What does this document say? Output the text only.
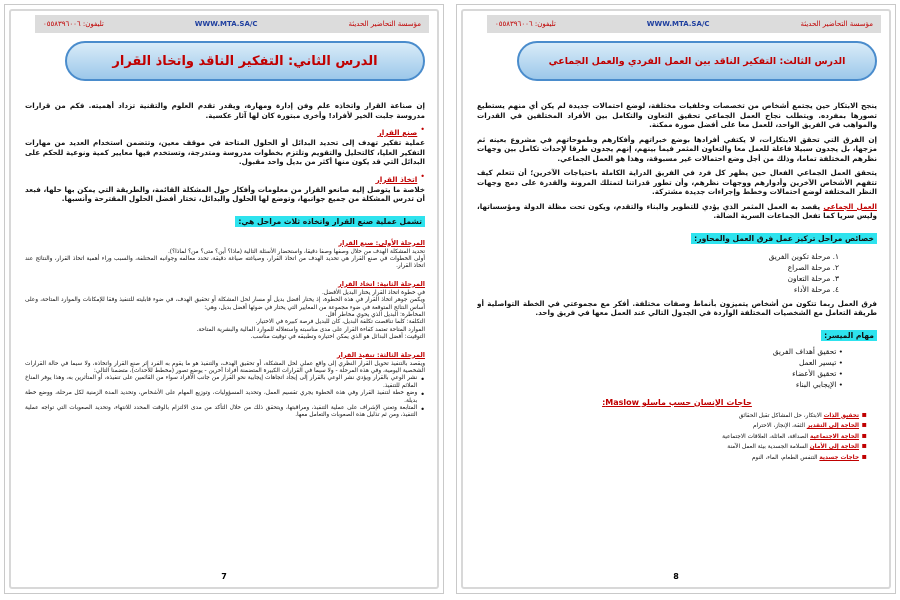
تليفون: ٠٥٥٨٣٩٦٠٠٦	WWW.MTA.SA/C	مؤسسة التحاضير الحديثة
الدرس الثاني: التفكير الناقد واتخاذ القرار

إن صناعة القرار واتخاذه علم وفن إدارة ومهارة، ويقدر تقدم العلوم والتقنية تزداد أهميته. فكم من قرارات مدروسة جلبت الخير لأفراد! وأخرى مبتورة كان لها آثار عكسية.

•
صنع القرار

عملية تفكير تهدف إلى تحديد البدائل أو الحلول المتاحة في موقف معين، وتتضمن استخدام العديد من مهارات التفكير العليا، كالتحليل والتقويم وتلتزم بخطوات مدروسة ومتدرجة، وتستخدم فيها معايير كمية ونوعية للحكم على البدائل التي قد يكون منها أكثر من بديل واحد مقبول.

•
اتخاذ القرار

خلاصة ما يتوصل إليه صانعو القرار من معلومات وأفكار حول المشكلة القائمة، والطريقة التي يمكن بها حلها، فبعد أن تدرس المشكلة من جميع جوانبها، وتوضع لها الحلول والبدائل، تختار أفضل الحلول المقترحة وأنسبها.

تشمل عملية صنع القرار واتخاذه ثلاث مراحل هي:
المرحلة الأولى: صنع القرار

تحديد المشكلة الهدف من خلال وصفها وصفا دقيقا، واستحضار الأسئلة التالية (ماذا؟ أين؟ متى؟ من؟ لماذا؟).

أولى الخطوات في صنع القرار هي تحديد الهدف من اتخاذ القرار، وصياغته صياغة دقيقة، تحدد معالمه وجوانبه المختلفة، والسبب وراء أهمية اتخاذ القرار، والنتائج عند اتخاذ القرار.

المرحلة الثانية: اتخاذ القرار

في خطوة اتخاذ القرار يختار البديل الأفضل.

ويكمن جوهر اتخاذ القرار في هذه الخطوة، إذ يختار أفضل بديل أو مسار لحل المشكلة أو تحقيق الهدف، في ضوء قابليته للتنفيذ وفقا للإمكانات والموارد المتاحة، وعلى أساس النتائج المتوقعة في ضوء مجموعة من المعايير التي يختار في ضوئها أفضل بديل، وهي:

المخاطرة: البديل الذي يحوي مخاطر أقل.

التكلفة: كلما تناقصت تكلفة البديل، كان للبديل فرصة كبيرة في الاختيار.

الموارد المتاحة تعتمد كفاءة القرار على مدى مناسبته واستغلاله للموارد المالية والبشرية المتاحة.

التوقيت: أفضل البدائل هو الذي يمكن اختياره وتطبيقه في توقيت مناسب.

المرحلة الثالثة: تنفيذ القرار

ويقصد بالتنفيذ تحويل القرار النظري إلى واقع عملي لحل المشكلة، أو تحقيق الهدف، والتنفيذ هو ما يقوم به الفرد إثر صنع القرار واتخاذه، ولا سيما في حالة القرارات الشخصية اليومية، وفي هذه المرحلة - ولا سيما في القرارات الكبيرة المتضمنة أفرادا آخرين - يوضع تصور (مخطط للأحداث)، متضمنا التالي:

•

نشر الوعي بالقرار ويؤدي نشر الوعي بالقرار إلى إيجاد اتجاهات إيجابية نحو القرار من جانب الأفراد سواء من القائمين على تنفيذه، أو المتأثرين به، وهذا يوفر المناخ الملائم للتنفيذ.

•

وضع خطة لتنفيذ القرار وفي هذه الخطوة يجري تقسيم العمل، وتحديد المسؤوليات، وتوزيع المهام على الأشخاص، وتحديد المدة الزمنية لكل مرحلة، ووضع خطة بديلة.

•

المتابعة وتعني الإشراف على عملية التنفيذ، ومراقبتها، ويتحقق ذلك من خلال التأكد من مدى الالتزام بالوقت المحدد للانتهاء، وتحديد الصعوبات التي تواجه عملية التنفيذ، ومن ثم تذليل هذه الصعوبات والتعامل معها.

7
تليفون: ٠٥٥٨٣٩٦٠٠٦	WWW.MTA.SA/C	مؤسسة التحاضير الحديثة
الدرس الثالث: التفكير الناقد بين العمل الفردي والعمل الجماعي

ينجح الابتكار حين يجتمع أشخاص من تخصصات وخلفيات مختلفة، لوضع احتمالات جديدة لم يكن أي منهم يستطيع تصورها بمفرده. ويتطلب نجاح العمل الجماعي تحقيق التعاون والتكامل بين الأفراد المختلفين في القدرات والمواهب في الفريق الواحد، للعمل معا على أفضل صورة ممكنة.

إن الفرق التي تحقق الابتكارات، لا يكتفي أفرادها بوضع خبراتهم وأفكارهم وطموحاتهم في مشروع بعينه ثم مزجها، بل يجدون سبيلا فاعلة للعمل معا والتعاون المثمر فيما بينهم، إنهم يجدون طرقا لإحداث تكامل بين وجهات نظرهم المختلفة تماما، وذلك من أجل وضع احتمالات غير مسبوقة، وهذا هو العمل الجماعي.

يتحقق العمل الجماعي الفعال حين يظهر كل فرد في الفريق الدراية الكاملة باحتياجات الآخرين؛ أن تتعلم كيف تتفهم الأشخاص الآخرين وأدوارهم ووجهات نظرهم، وأن تطور قدراتنا لتمتلك المرونة والقدرة على دمج وجهات النظر المختلفة لوضع احتمالات وخطط وإجراءات جديدة مشتركة.

العمل الجماعي يقصد به العمل المثمر الذي يؤدي للتطوير والبناء والتقدم، ويكون تحت مظلة الدولة ومؤسساتها، وليس سريا كما تفعل الجماعات السرية الضالة.

خصائص مراحل تركيز عمل فرق العمل والمحاور:
١. مرحلة تكوين الفريق
٢. مرحلة الصراع
٣. مرحلة التعاون
٤. مرحلة الأداء

فرق العمل ربما تتكون من أشخاص يتميزون بأنماط وصفات مختلفة. أفكر مع مجموعتي في الخطة التواصلية أو طريقة التعامل مع الشخصيات المختلفة الواردة في الجدول التالي عند العمل معها في فريق واحد.

مهام الميسر:
• تحقيق أهداف الفريق
• تيسير العمل
• تحقيق الأعضاء
• الإيجابي البناء
حاجات الإنسان حسب ماسلو Maslow:
▪ تحقيق الذات الابتكار، حل المشاكل تقبل الحقائق
▪ الحاجة إلى التقدير الثقة، الإنجاز، الاحترام
▪ الحاجة الاجتماعية الصداقة، العائلة، العلاقات الاجتماعية
▪ الحاجة إلى الأمان السلامة الجسدية بيئة العمل الآمنة
▪ حاجات جسدية التنفس الطعام، الماء، النوم
8
